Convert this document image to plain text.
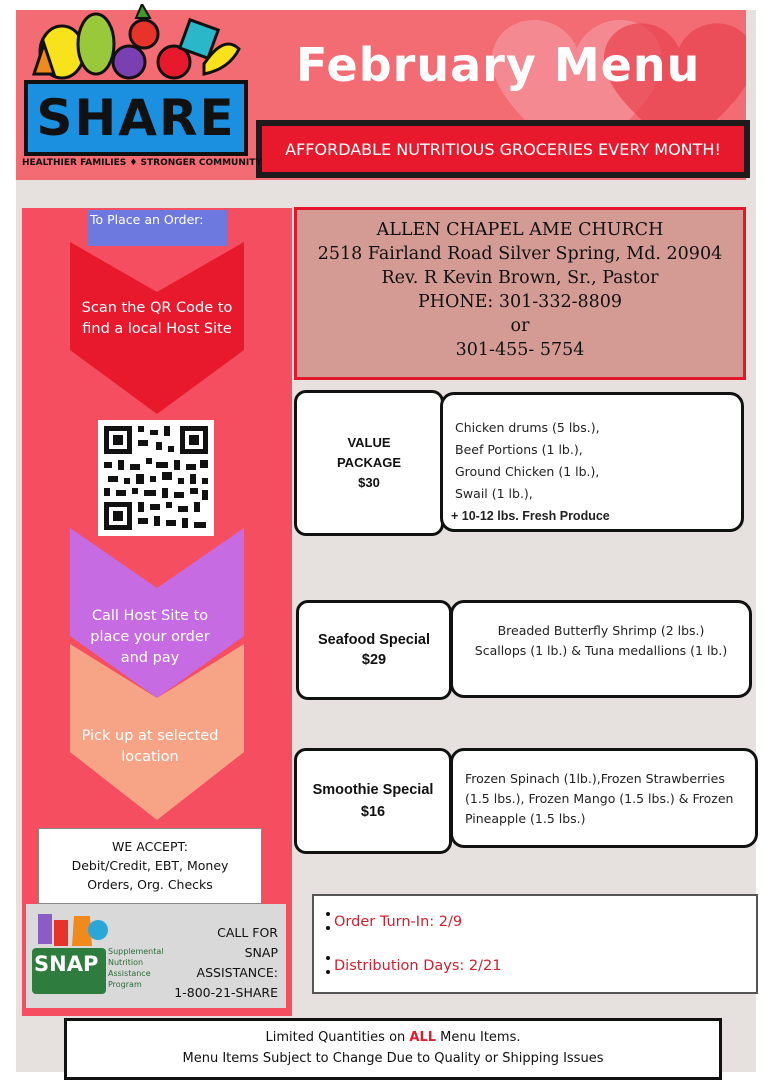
February Menu
AFFORDABLE NUTRITIOUS GROCERIES EVERY MONTH!
SHARE
HEALTHIER FAMILIES ♦ STRONGER COMMUNITY
To Place an Order:
Scan the QR Code to
find a local Host Site
Call Host Site to
place your order
and pay
Pick up at selected
location
WE ACCEPT:
Debit/Credit, EBT, Money
Orders, Org. Checks
SNAP
Supplemental
Nutrition
Assistance
Program
CALL FOR
SNAP
ASSISTANCE:
1-800-21-SHARE
ALLEN CHAPEL AME CHURCH
2518 Fairland Road Silver Spring, Md. 20904
Rev. R Kevin Brown, Sr., Pastor
PHONE: 301-332-8809
or
301-455- 5754
VALUE
PACKAGE
$30
Chicken drums (5 lbs.),
Beef Portions (1 lb.),
Ground Chicken (1 lb.),
Swail (1 lb.),
+ 10-12 lbs. Fresh Produce
Seafood Special
$29
Breaded Butterfly Shrimp (2 lbs.)
Scallops (1 lb.) & Tuna medallions (1 lb.)
Smoothie Special
$16
Frozen Spinach (1lb.),Frozen Strawberries
(1.5 lbs.), Frozen Mango (1.5 lbs.) & Frozen
Pineapple (1.5 lbs.)
Order Turn-In: 2/9
Distribution Days: 2/21
Limited Quantities on ALL Menu Items.
Menu Items Subject to Change Due to Quality or Shipping Issues
